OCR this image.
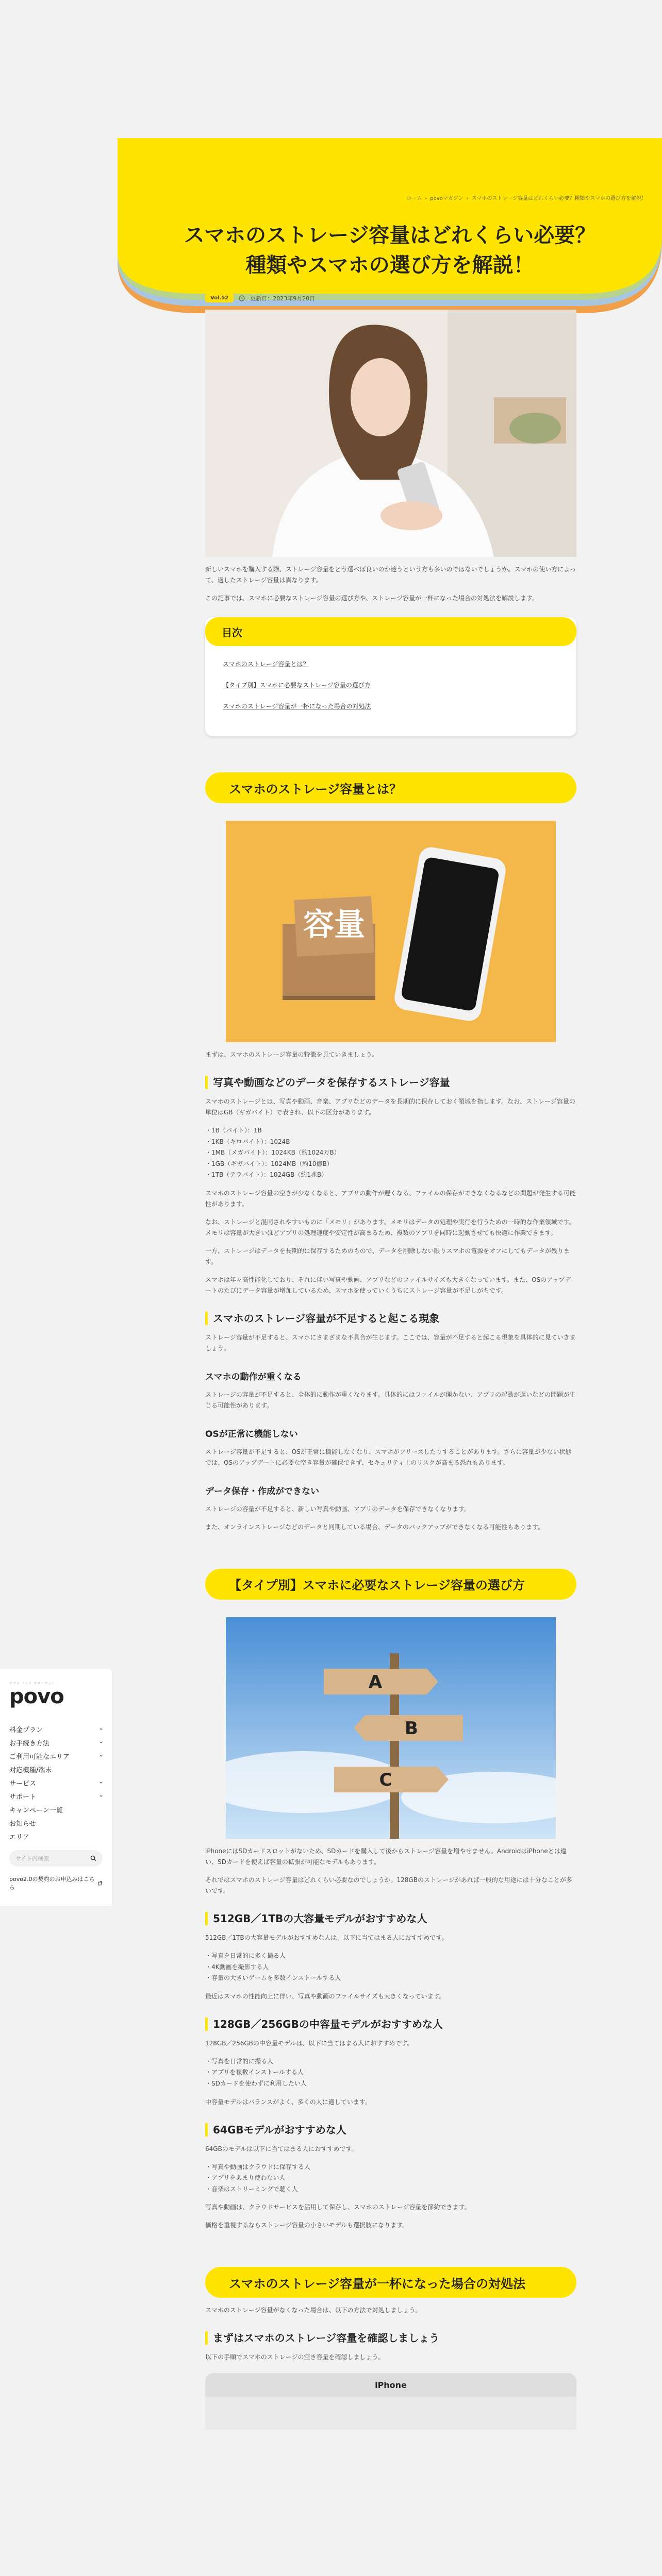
ポヴォ ドット ギガ・マット
povo
料金プラン	›
お手続き方法	›
ご利用可能なエリア	›
対応機種/端末
サービス	›
サポート	›
キャンペーン一覧
お知らせ
エリア
サイト内検索
povo2.0の契約のお申込みはこちら
ホーム › povoマガジン › スマホのストレージ容量はどれくらい必要？種類やスマホの選び方を解説！
スマホのストレージ容量はどれくらい必要？
種類やスマホの選び方を解説！
Vol.52	更新日：2023年9月20日

新しいスマホを購入する際、ストレージ容量をどう選べば良いのか迷うという方も多いのではないでしょうか。スマホの使い方によって、適したストレージ容量は異なります。

この記事では、スマホに必要なストレージ容量の選び方や、ストレージ容量が一杯になった場合の対処法を解説します。

目次
スマホのストレージ容量とは？
【タイプ別】スマホに必要なストレージ容量の選び方
スマホのストレージ容量が一杯になった場合の対処法
スマホのストレージ容量とは？
容量

まずは、スマホのストレージ容量の特徴を見ていきましょう。

写真や動画などのデータを保存するストレージ容量

スマホのストレージとは、写真や動画、音楽、アプリなどのデータを長期的に保存しておく領域を指します。なお、ストレージ容量の単位はGB（ギガバイト）で表され、以下の区分があります。

・1B（バイト）：1B
・1KB（キロバイト）：1024B
・1MB（メガバイト）：1024KB（約1024万B）
・1GB（ギガバイト）：1024MB（約10億B）
・1TB（テラバイト）：1024GB（約1兆B）

スマホのストレージ容量の空きが少なくなると、アプリの動作が遅くなる、ファイルの保存ができなくなるなどの問題が発生する可能性があります。

なお、ストレージと混同されやすいものに「メモリ」があります。メモリはデータの処理や実行を行うための一時的な作業領域です。メモリは容量が大きいほどアプリの処理速度や安定性が高まるため、複数のアプリを同時に起動させても快適に作業できます。

一方、ストレージはデータを長期的に保存するためのもので、データを削除しない限りスマホの電源をオフにしてもデータが残ります。

スマホは年々高性能化しており、それに伴い写真や動画、アプリなどのファイルサイズも大きくなっています。また、OSのアップデートのたびにデータ容量が増加しているため、スマホを使っていくうちにストレージ容量が不足しがちです。

スマホのストレージ容量が不足すると起こる現象

ストレージ容量が不足すると、スマホにさまざまな不具合が生じます。ここでは、容量が不足すると起こる現象を具体的に見ていきましょう。

スマホの動作が重くなる

ストレージの容量が不足すると、全体的に動作が重くなります。具体的にはファイルが開かない、アプリの起動が遅いなどの問題が生じる可能性があります。

OSが正常に機能しない

ストレージ容量が不足すると、OSが正常に機能しなくなり、スマホがフリーズしたりすることがあります。さらに容量が少ない状態では、OSのアップデートに必要な空き容量が確保できず、セキュリティ上のリスクが高まる恐れもあります。

データ保存・作成ができない

ストレージの容量が不足すると、新しい写真や動画、アプリのデータを保存できなくなります。

また、オンラインストレージなどのデータと同期している場合、データのバックアップができなくなる可能性もあります。

【タイプ別】スマホに必要なストレージ容量の選び方
A
B
C

iPhoneにはSDカードスロットがないため、SDカードを購入して後からストレージ容量を増やせません。AndroidはiPhoneとは違い、SDカードを使えば容量の拡張が可能なモデルもあります。

それではスマホのストレージ容量はどれくらい必要なのでしょうか。128GBのストレージがあれば一般的な用途には十分なことが多いです。

512GB／1TBの大容量モデルがおすすめな人

512GB／1TBの大容量モデルがおすすめな人は、以下に当てはまる人におすすめです。

・写真を日常的に多く撮る人
・4K動画を撮影する人
・容量の大きいゲームを多数インストールする人

最近はスマホの性能向上に伴い、写真や動画のファイルサイズも大きくなっています。

128GB／256GBの中容量モデルがおすすめな人

128GB／256GBの中容量モデルは、以下に当てはまる人におすすめです。

・写真を日常的に撮る人
・アプリを複数インストールする人
・SDカードを使わずに利用したい人

中容量モデルはバランスがよく、多くの人に適しています。

64GBモデルがおすすめな人

64GBのモデルは以下に当てはまる人におすすめです。

・写真や動画はクラウドに保存する人
・アプリをあまり使わない人
・音楽はストリーミングで聴く人

写真や動画は、クラウドサービスを活用して保存し、スマホのストレージ容量を節約できます。

価格を重視するならストレージ容量の小さいモデルも選択肢になります。

スマホのストレージ容量が一杯になった場合の対処法

スマホのストレージ容量がなくなった場合は、以下の方法で対処しましょう。

まずはスマホのストレージ容量を確認しましょう

以下の手順でスマホのストレージの空き容量を確認しましょう。

iPhone
